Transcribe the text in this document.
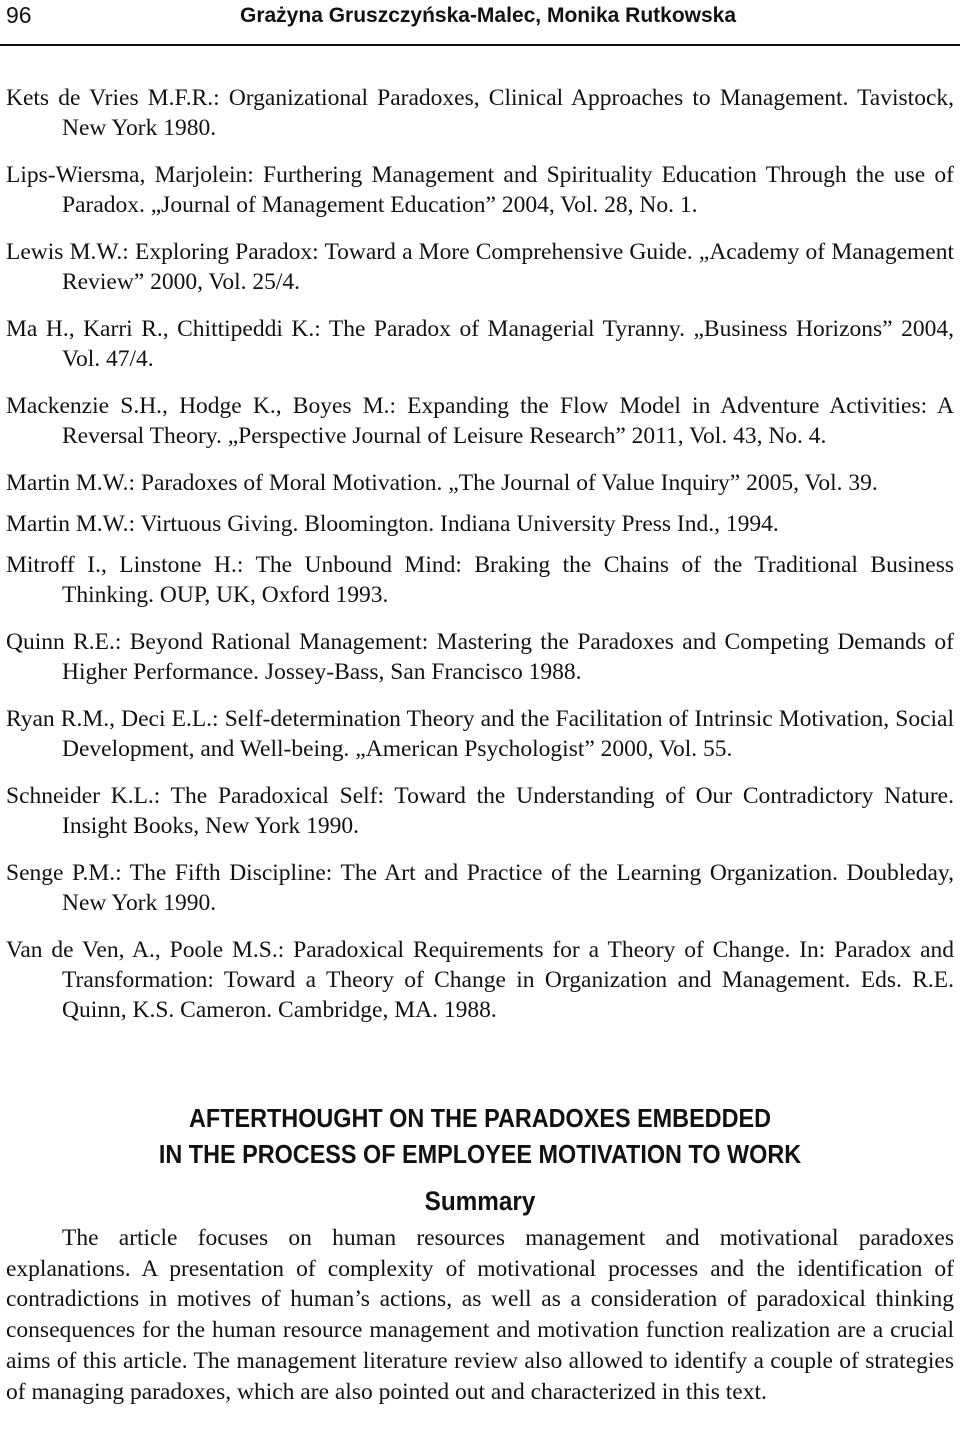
96	Grażyna Gruszczyńska-Malec, Monika Rutkowska

Kets de Vries M.F.R.: Organizational Paradoxes, Clinical Approaches to Management. Tavistock, New York 1980.

Lips-Wiersma, Marjolein: Furthering Management and Spirituality Education Through the use of Paradox. „Journal of Management Education” 2004, Vol. 28, No. 1.

Lewis M.W.: Exploring Paradox: Toward a More Comprehensive Guide. „Academy of Management Review” 2000, Vol. 25/4.

Ma H., Karri R., Chittipeddi K.: The Paradox of Managerial Tyranny. „Business Horizons” 2004, Vol. 47/4.

Mackenzie S.H., Hodge K., Boyes M.: Expanding the Flow Model in Adventure Activities: A Reversal Theory. „Perspective Journal of Leisure Research” 2011, Vol. 43, No. 4.

Martin M.W.: Paradoxes of Moral Motivation. „The Journal of Value Inquiry” 2005, Vol. 39.

Martin M.W.: Virtuous Giving. Bloomington. Indiana University Press Ind., 1994.

Mitroff I., Linstone H.: The Unbound Mind: Braking the Chains of the Traditional Business Thinking. OUP, UK, Oxford 1993.

Quinn R.E.: Beyond Rational Management: Mastering the Paradoxes and Competing Demands of Higher Performance. Jossey-Bass, San Francisco 1988.

Ryan R.M., Deci E.L.: Self-determination Theory and the Facilitation of Intrinsic Motivation, Social Development, and Well-being. „American Psychologist” 2000, Vol. 55.

Schneider K.L.: The Paradoxical Self: Toward the Understanding of Our Contradictory Nature. Insight Books, New York 1990.

Senge P.M.: The Fifth Discipline: The Art and Practice of the Learning Organization. Doubleday, New York 1990.

Van de Ven, A., Poole M.S.: Paradoxical Requirements for a Theory of Change. In: Paradox and Transformation: Toward a Theory of Change in Organization and Management. Eds. R.E. Quinn, K.S. Cameron. Cambridge, MA. 1988.

AFTERTHOUGHT ON THE PARADOXES EMBEDDED

IN THE PROCESS OF EMPLOYEE MOTIVATION TO WORK

Summary

The article focuses on human resources management and motivational paradoxes explanations. A presentation of complexity of motivational processes and the identification of contradictions in motives of human’s actions, as well as a consideration of paradoxical thinking consequences for the human resource management and motivation function realization are a crucial aims of this article. The management literature review also allowed to identify a couple of strategies of managing paradoxes, which are also pointed out and characterized in this text.
